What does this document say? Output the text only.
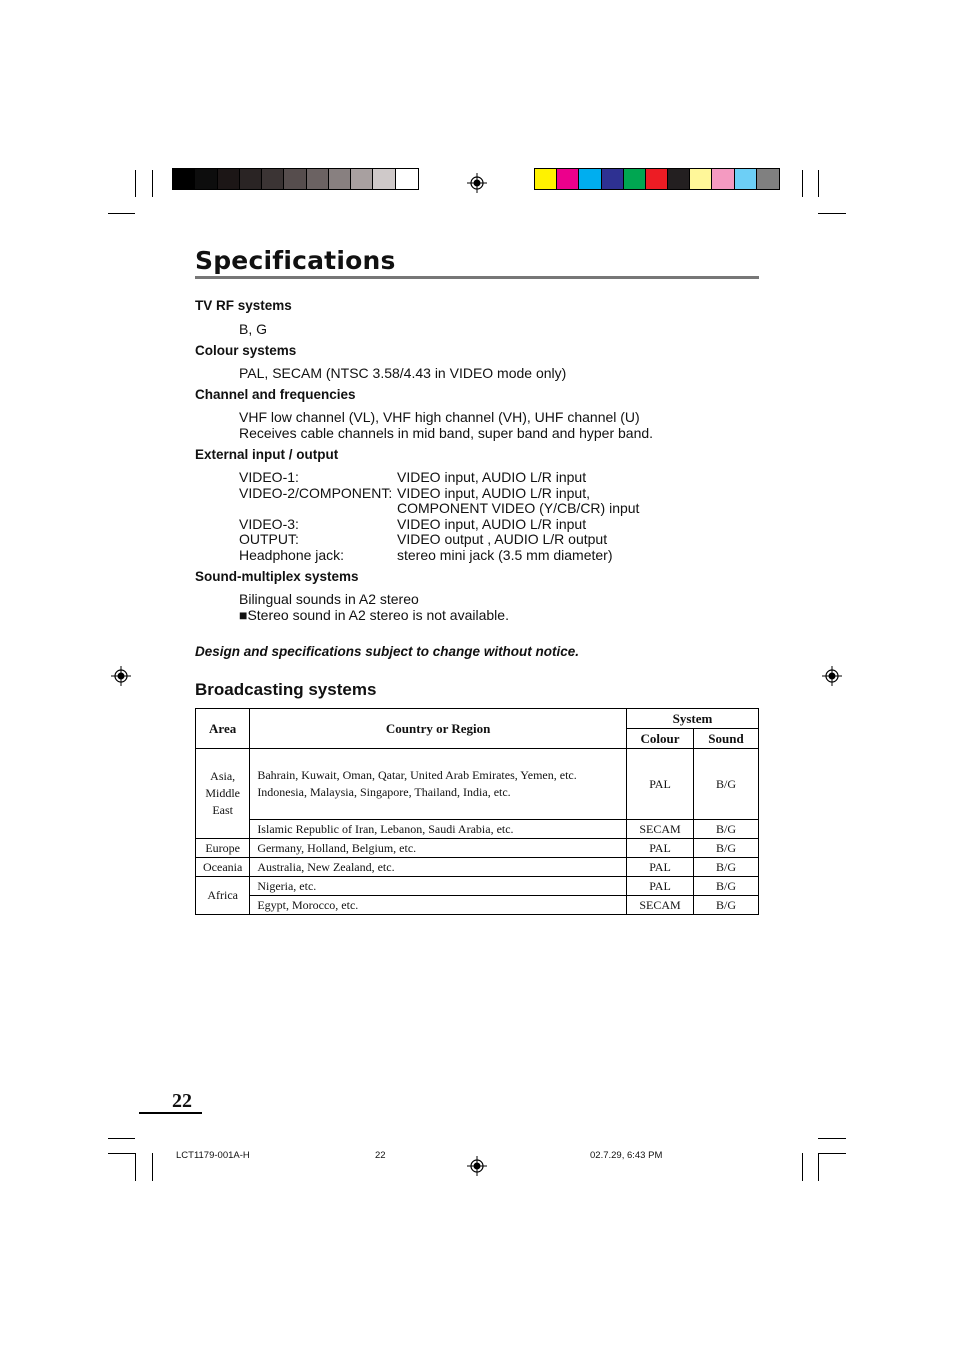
Specifications
TV RF systems
B, G
Colour systems
PAL, SECAM (NTSC 3.58/4.43 in VIDEO mode only)
Channel and frequencies
VHF low channel (VL), VHF high channel (VH), UHF channel (U)
Receives cable channels in mid band, super band and hyper band.
External input / output
VIDEO-1:	VIDEO input, AUDIO L/R input
VIDEO-2/COMPONENT: VIDEO input, AUDIO L/R input,
COMPONENT VIDEO (Y/CB/CR) input
VIDEO-3:	VIDEO input, AUDIO L/R input
OUTPUT:	VIDEO output , AUDIO L/R output
Headphone jack:	stereo mini jack (3.5 mm diameter)
Sound-multiplex systems
Bilingual sounds in A2 stereo
■Stereo sound in A2 stereo is not available.
Design and specifications subject to change without notice.
Broadcasting systems
Area	Country or Region	System	
		Colour	Sound
Asia, Middle East	Bahrain, Kuwait, Oman, Qatar, United Arab Emirates, Yemen, etc. Indonesia, Malaysia, Singapore, Thailand, India, etc.	PAL	B/G
	Islamic Republic of Iran, Lebanon, Saudi Arabia, etc.	SECAM	B/G
Europe	Germany, Holland, Belgium, etc.	PAL	B/G
Oceania	Australia, New Zealand, etc.	PAL	B/G
Africa	Nigeria, etc.	PAL	B/G
	Egypt, Morocco, etc.	SECAM	B/G
22
LCT1179-001A-H	22	02.7.29, 6:43 PM
